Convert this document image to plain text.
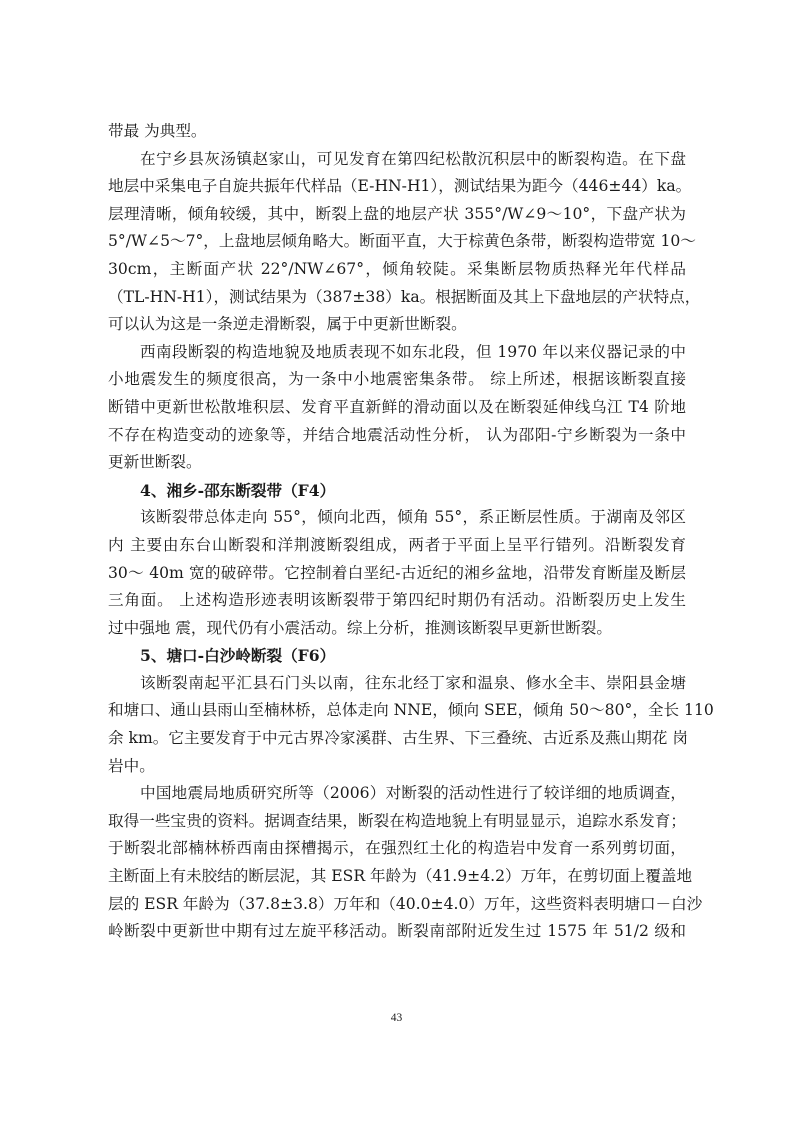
带最 为典型。
在宁乡县灰汤镇赵家山，可见发育在第四纪松散沉积层中的断裂构造。在下盘
地层中采集电子自旋共振年代样品（E-HN-H1），测试结果为距今（446±44）ka。
层理清晰，倾角较缓，其中，断裂上盘的地层产状 355°/W∠9～10°，下盘产状为
5°/W∠5～7°，上盘地层倾角略大。断面平直，大于棕黄色条带，断裂构造带宽 10～
30cm，主断面产状 22°/NW∠67°，倾角较陡。采集断层物质热释光年代样品
（TL-HN-H1），测试结果为（387±38）ka。根据断面及其上下盘地层的产状特点，
可以认为这是一条逆走滑断裂，属于中更新世断裂。
西南段断裂的构造地貌及地质表现不如东北段，但 1970 年以来仪器记录的中
小地震发生的频度很高，为一条中小地震密集条带。 综上所述，根据该断裂直接
断错中更新世松散堆积层、发育平直新鲜的滑动面以及在断裂延伸线乌江 T4 阶地
不存在构造变动的迹象等，并结合地震活动性分析， 认为邵阳-宁乡断裂为一条中
更新世断裂。
4、湘乡-邵东断裂带（F4）
该断裂带总体走向 55°，倾向北西，倾角 55°，系正断层性质。于湖南及邻区
内 主要由东台山断裂和洋荆渡断裂组成，两者于平面上呈平行错列。沿断裂发育
30～ 40m 宽的破碎带。它控制着白垩纪-古近纪的湘乡盆地，沿带发育断崖及断层
三角面。 上述构造形迹表明该断裂带于第四纪时期仍有活动。沿断裂历史上发生
过中强地 震，现代仍有小震活动。综上分析，推测该断裂早更新世断裂。
5、塘口-白沙岭断裂（F6）
该断裂南起平汇县石门头以南，往东北经丁家和温泉、修水全丰、崇阳县金塘
和塘口、通山县雨山至楠林桥，总体走向 NNE，倾向 SEE，倾角 50～80°，全长 110
余 km。它主要发育于中元古界冷家溪群、古生界、下三叠统、古近系及燕山期花 岗
岩中。
中国地震局地质研究所等（2006）对断裂的活动性进行了较详细的地质调查，
取得一些宝贵的资料。据调查结果，断裂在构造地貌上有明显显示，追踪水系发育；
于断裂北部楠林桥西南由探槽揭示，在强烈红土化的构造岩中发育一系列剪切面，
主断面上有未胶结的断层泥，其 ESR 年龄为（41.9±4.2）万年，在剪切面上覆盖地
层的 ESR 年龄为（37.8±3.8）万年和（40.0±4.0）万年，这些资料表明塘口－白沙
岭断裂中更新世中期有过左旋平移活动。断裂南部附近发生过 1575 年 51/2 级和
43
